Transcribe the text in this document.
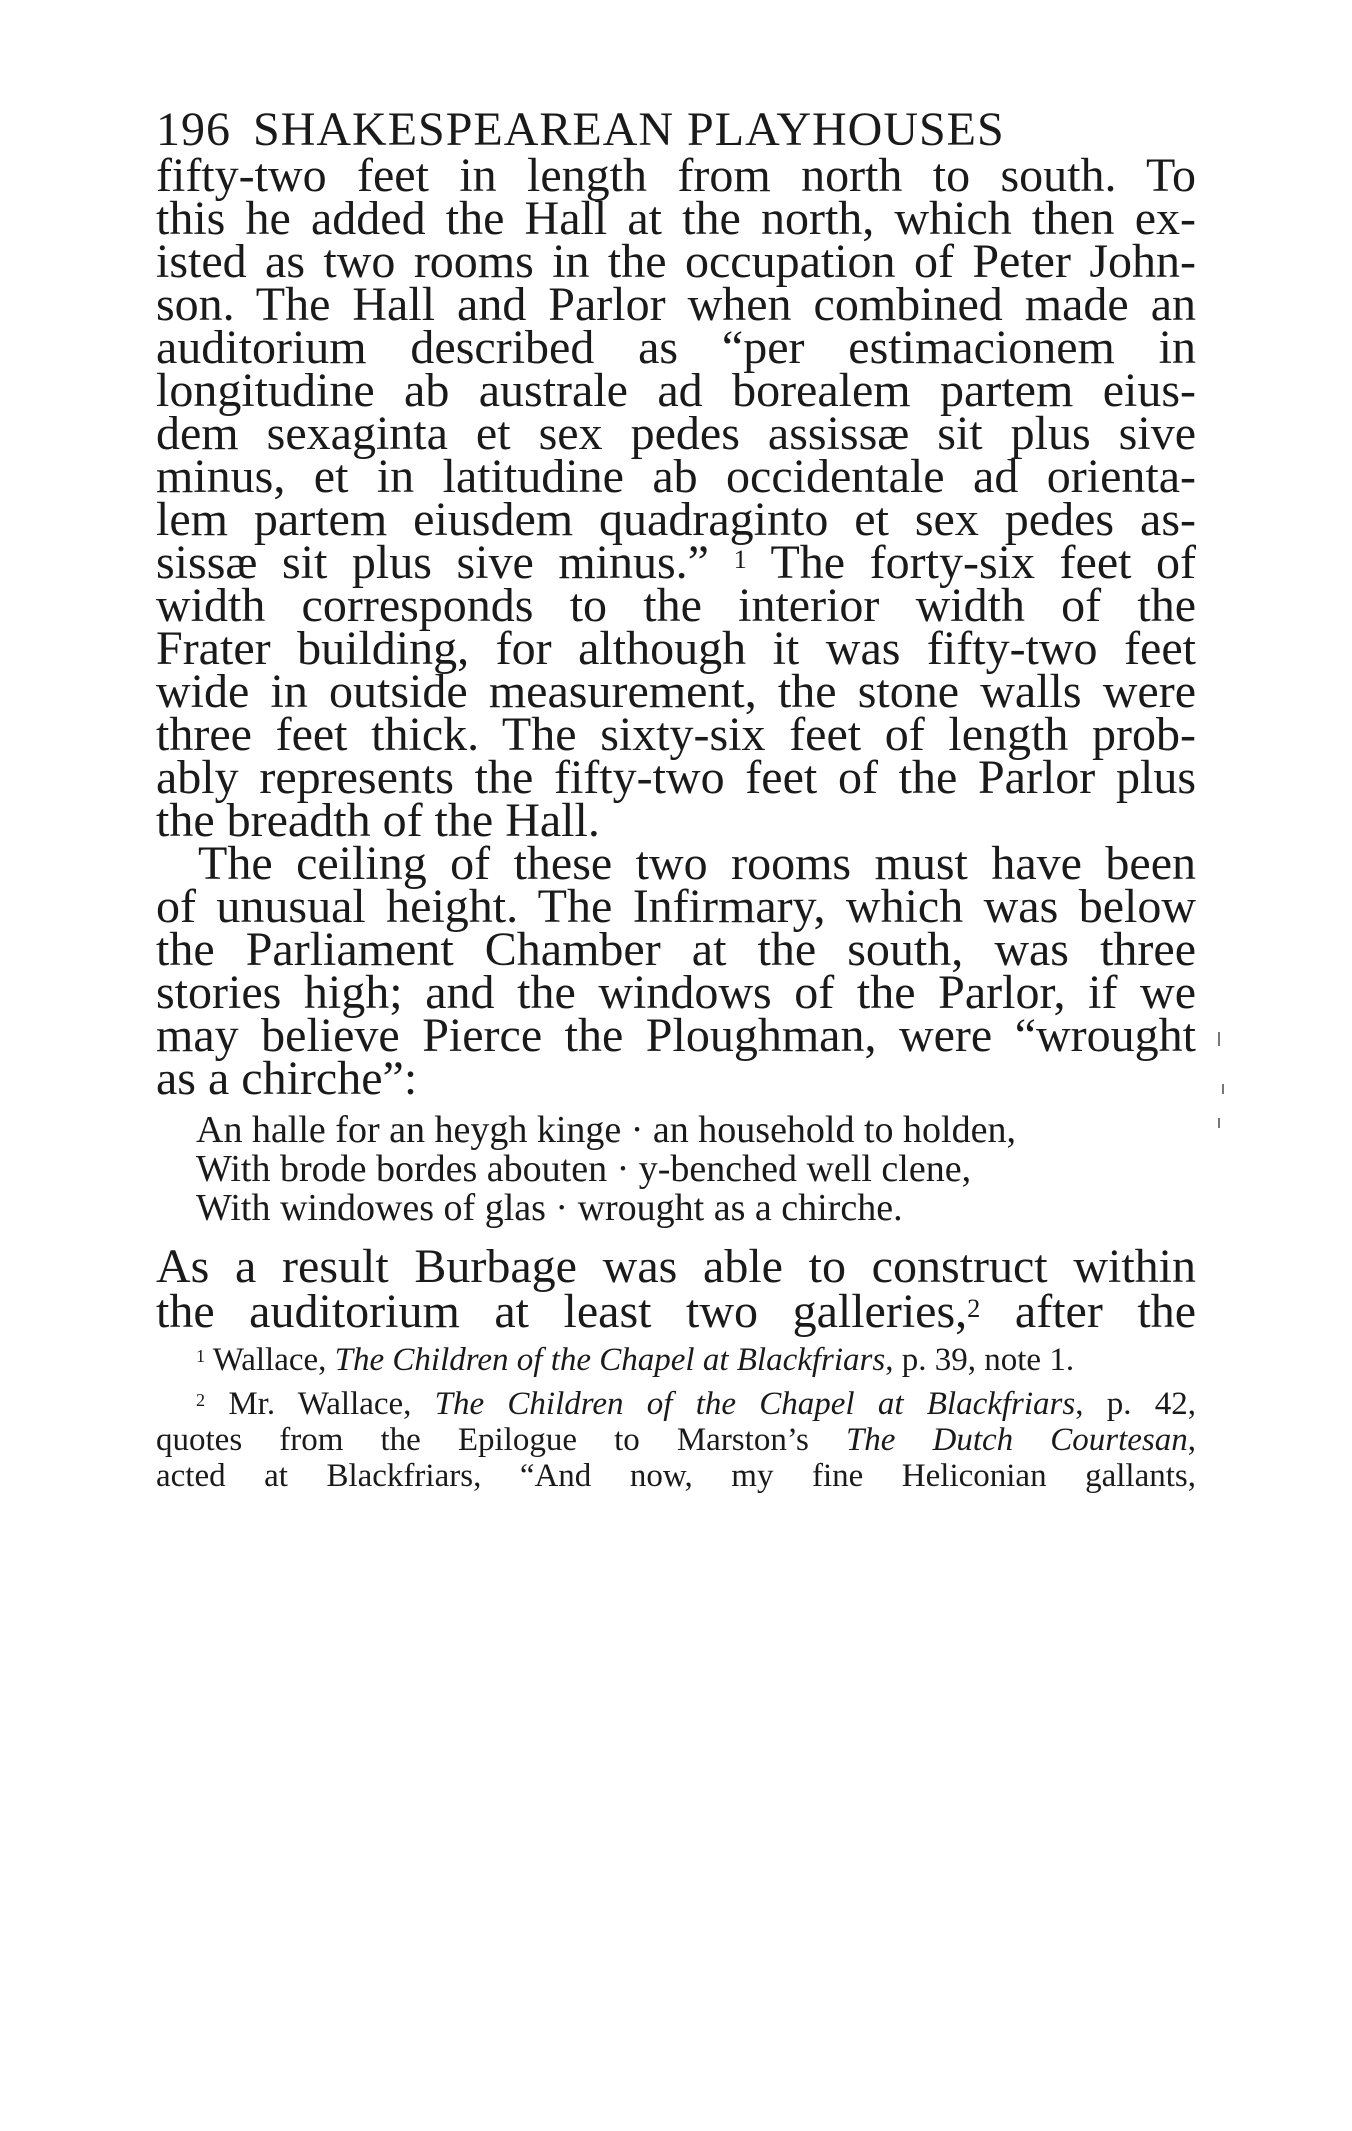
196 SHAKESPEAREAN PLAYHOUSES
fifty-two feet in length from north to south. To
this he added the Hall at the north, which then ex-
isted as two rooms in the occupation of Peter John-
son. The Hall and Parlor when combined made an
auditorium described as “per estimacionem in
longitudine ab australe ad borealem partem eius-
dem sexaginta et sex pedes assissæ sit plus sive
minus, et in latitudine ab occidentale ad orienta-
lem partem eiusdem quadraginto et sex pedes as-
sissæ sit plus sive minus.” $^1$ The forty-six feet of
width corresponds to the interior width of the
Frater building, for although it was fifty-two feet
wide in outside measurement, the stone walls were
three feet thick. The sixty-six feet of length prob-
ably represents the fifty-two feet of the Parlor plus
the breadth of the Hall.
The ceiling of these two rooms must have been
of unusual height. The Infirmary, which was below
the Parliament Chamber at the south, was three
stories high; and the windows of the Parlor, if we
may believe Pierce the Ploughman, were “wrought
as a chirche”:
As a result Burbage was able to construct within
the auditorium at least two galleries,$^2$ after the
An halle for an heygh kinge · an household to holden,
With brode bordes abouten · y-benched well clene,
With windowes of glas · wrought as a chirche.
$^1$ Wallace, The Children of the Chapel at Blackfriars, p. 39, note 1.
$^2$ Mr. Wallace, The Children of the Chapel at Blackfriars, p. 42,
quotes from the Epilogue to Marston’s The Dutch Courtesan,
acted at Blackfriars, “And now, my fine Heliconian gallants,
